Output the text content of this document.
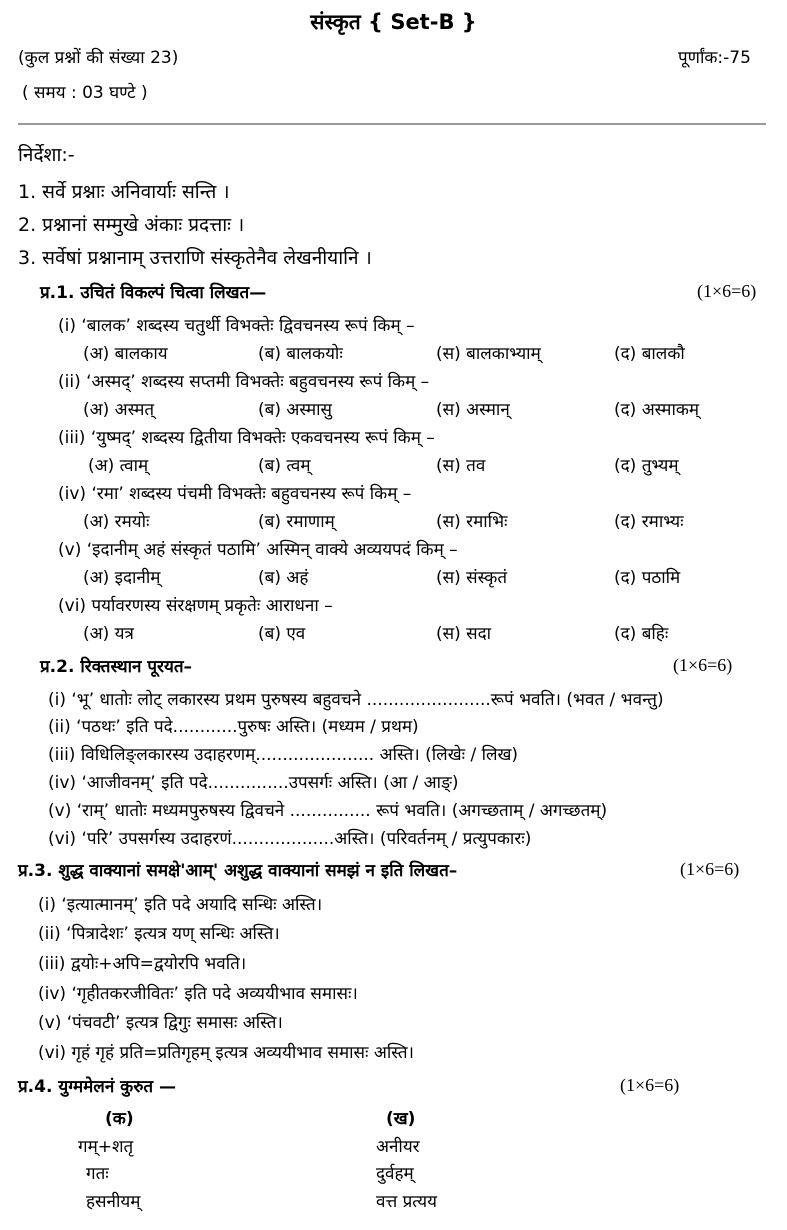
संस्कृत { Set-B }
(कुल प्रश्नों की संख्या 23)	पूर्णांक:-75
( समय : 03 घण्टे )
निर्देशा:-
1. सर्वे प्रश्नाः अनिवार्याः सन्ति ।
2. प्रश्नानां सम्मुखे अंकाः प्रदत्ताः ।
3. सर्वेषां प्रश्नानाम् उत्तराणि संस्कृतेनैव लेखनीयानि ।
प्र.1. उचितं विकल्पं चित्वा लिखत—	(1×6=6)
(i) ‘बालक’ शब्दस्य चतुर्थी विभक्तेः द्विवचनस्य रूपं किम् –
(अ) बालकाय	(ब) बालकयोः	(स) बालकाभ्याम्	(द) बालकौ
(ii) ‘अस्मद्’ शब्दस्य सप्तमी विभक्तेः बहुवचनस्य रूपं किम् –
(अ) अस्मत्	(ब) अस्मासु	(स) अस्मान्	(द) अस्माकम्
(iii) ‘युष्मद्’ शब्दस्य द्वितीया विभक्तेः एकवचनस्य रूपं किम् –
(अ) त्वाम्	(ब) त्वम्	(स) तव	(द) तुभ्यम्
(iv) ‘रमा’ शब्दस्य पंचमी विभक्तेः बहुवचनस्य रूपं किम् –
(अ) रमयोः	(ब) रमाणाम्	(स) रमाभिः	(द) रमाभ्यः
(v) ‘इदानीम् अहं संस्कृतं पठामि’ अस्मिन् वाक्ये अव्ययपदं किम् –
(अ) इदानीम्	(ब) अहं	(स) संस्कृतं	(द) पठामि
(vi) पर्यावरणस्य संरक्षणम् प्रकृतेः आराधना –
(अ) यत्र	(ब) एव	(स) सदा	(द) बहिः
प्र.2. रिक्तस्थान पूरयत–	(1×6=6)
(i) ‘भू’ धातोः लोट् लकारस्य प्रथम पुरुषस्य बहुवचने .......................रूपं भवति। (भवत / भवन्तु)
(ii) ‘पठथः’ इति पदे............पुरुषः अस्ति। (मध्यम / प्रथम)
(iii) विधिलिङ्लकारस्य उदाहरणम्...................... अस्ति। (लिखेः / लिख)
(iv) ‘आजीवनम्’ इति पदे...............उपसर्गः अस्ति। (आ / आङ्)
(v) ‘राम्’ धातोः मध्यमपुरुषस्य द्विवचने ............... रूपं भवति। (अगच्छताम् / अगच्छतम्)
(vi) ‘परि’ उपसर्गस्य उदाहरणं...................अस्ति। (परिवर्तनम् / प्रत्युपकारः)
प्र.3. शुद्ध वाक्यानां समक्षे'आम्' अशुद्ध वाक्यानां समझं न इति लिखत–	(1×6=6)
(i) ‘इत्यात्मानम्’ इति पदे अयादि सन्धिः अस्ति।
(ii) ‘पित्रादेशः’ इत्यत्र यण् सन्धिः अस्ति।
(iii) द्वयोः+अपि=द्वयोरपि भवति।
(iv) ‘गृहीतकरजीवितः’ इति पदे अव्ययीभाव समासः।
(v) ‘पंचवटी’ इत्यत्र द्विगुः समासः अस्ति।
(vi) गृहं गृहं प्रति=प्रतिगृहम् इत्यत्र अव्ययीभाव समासः अस्ति।
प्र.4. युग्ममेलनं कुरुत —	(1×6=6)
(क)	(ख)
गम्+शतृ	अनीयर
गतः	दुर्वहम्
हसनीयम्	वत्त प्रत्यय
